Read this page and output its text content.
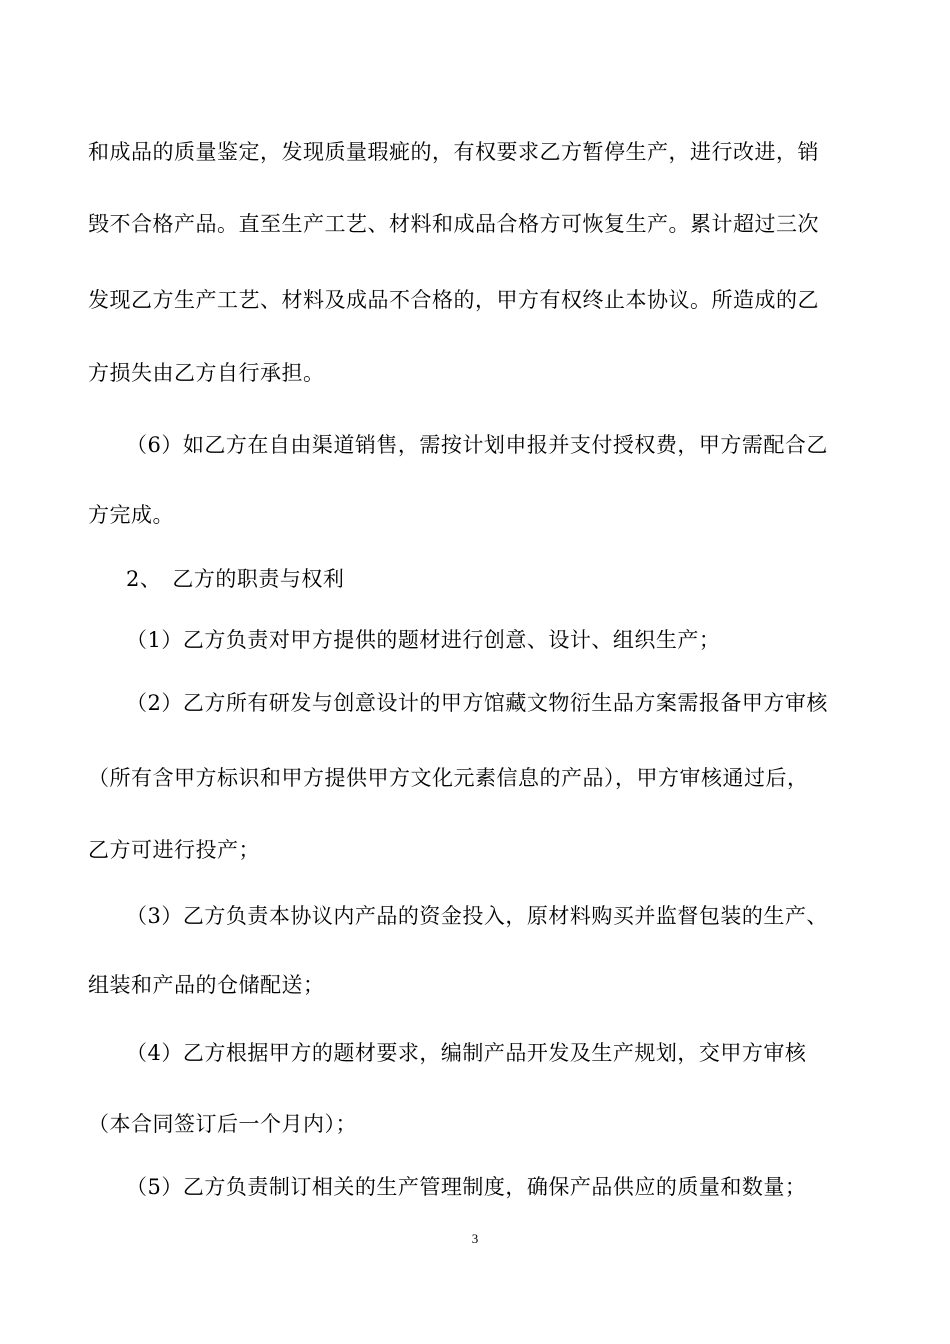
和成品的质量鉴定，发现质量瑕疵的，有权要求乙方暂停生产，进行改进，销

毁不合格产品。直至生产工艺、材料和成品合格方可恢复生产。累计超过三次

发现乙方生产工艺、材料及成品不合格的，甲方有权终止本协议。所造成的乙

方损失由乙方自行承担。

（6）如乙方在自由渠道销售，需按计划申报并支付授权费，甲方需配合乙

方完成。

2、　乙方的职责与权利

（1）乙方负责对甲方提供的题材进行创意、设计、组织生产；

（2）乙方所有研发与创意设计的甲方馆藏文物衍生品方案需报备甲方审核

（所有含甲方标识和甲方提供甲方文化元素信息的产品），甲方审核通过后，

乙方可进行投产；

（3）乙方负责本协议内产品的资金投入，原材料购买并监督包装的生产、

组装和产品的仓储配送；

（4）乙方根据甲方的题材要求，编制产品开发及生产规划，交甲方审核

（本合同签订后一个月内）；

（5）乙方负责制订相关的生产管理制度，确保产品供应的质量和数量；

3
